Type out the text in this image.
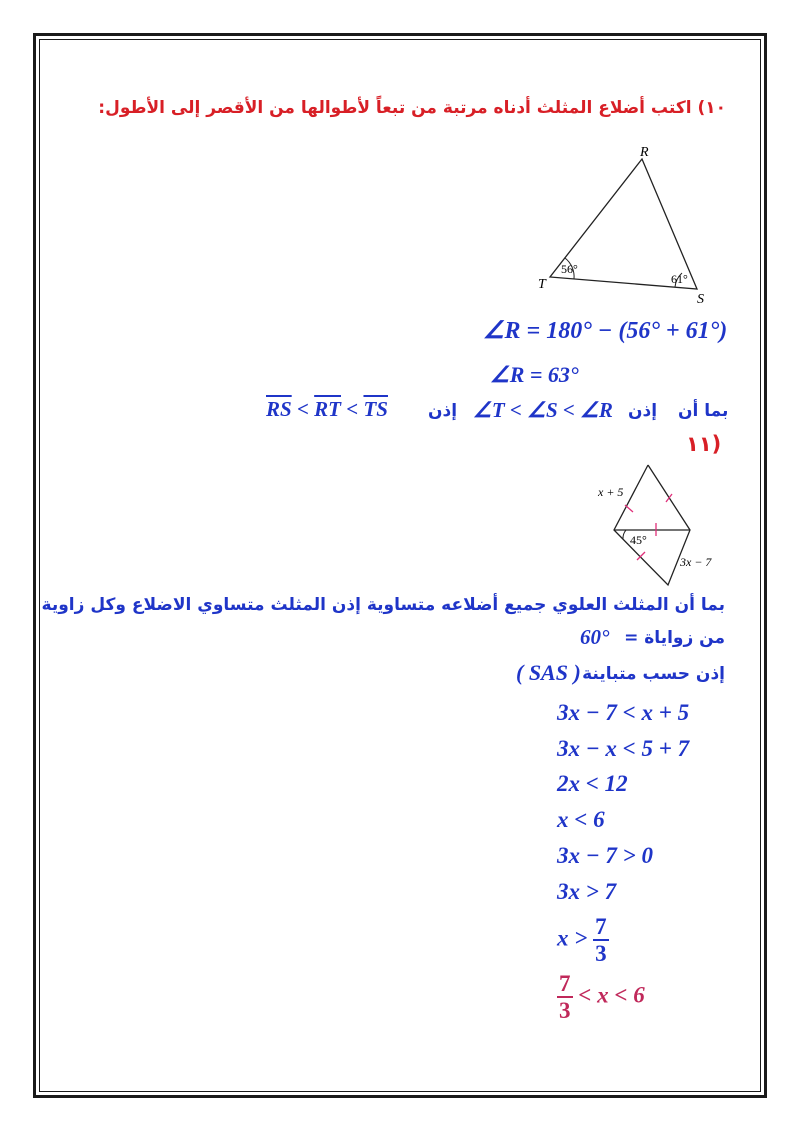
١٠) اكتب أضلاع المثلث أدناه مرتبة من تبعاً لأطوالها من الأقصر إلى الأطول:
R
T
S
56°
61°
∠R = 180° − (56° + 61°)
∠R = 63°
$\overline{RS} < \overline{RT} < \overline{TS}$ إذن ∠T < ∠S < ∠R إذن بما أن
(١١
x + 5
45°
3x − 7
بما أن المثلث العلوي جميع أضلاعه متساوية إذن المثلث متساوي الاضلاع وكل زاوية
60° من زواياة =
( SAS ) إذن حسب متباينة
3x − 7 < x + 5
3x − x < 5 + 7
2x < 12
x < 6
3x − 7 > 0
3x > 7
$x > \frac{7}{3}$
$\frac{7}{3} < x < 6$
